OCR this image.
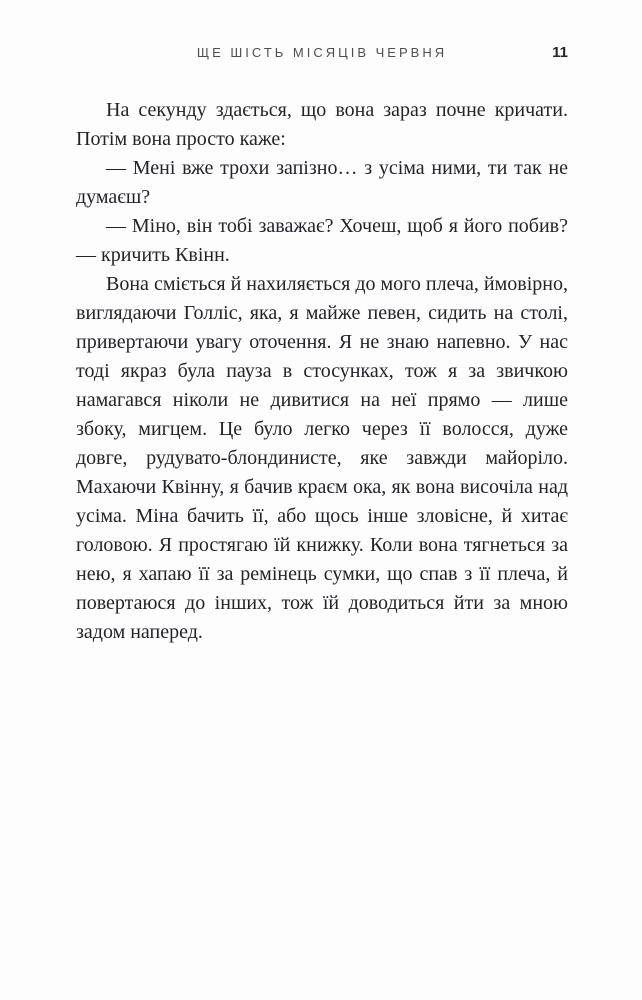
ЩЕ ШІСТЬ МІСЯЦІВ ЧЕРВНЯ	11

На секунду здається, що вона зараз почне кричати. Потім вона просто каже:

— Мені вже трохи запізно… з усіма ними, ти так не думаєш?

— Міно, він тобі заважає? Хочеш, щоб я його побив? — кричить Квінн.

Вона сміється й нахиляється до мого плеча, ймовірно, виглядаючи Голліс, яка, я майже певен, сидить на столі, привертаючи увагу оточення. Я не знаю напевно. У нас тоді якраз була пауза в стосунках, тож я за звичкою намагався ніколи не дивитися на неї прямо — лише збоку, мигцем. Це було легко через її волосся, дуже довге, рудувато-блондинисте, яке завжди майоріло. Махаючи Квінну, я бачив краєм ока, як вона височіла над усіма. Міна бачить її, або щось інше зловісне, й хитає головою. Я простягаю їй книжку. Коли вона тягнеться за нею, я хапаю її за ремінець сумки, що спав з її плеча, й повертаюся до інших, тож їй доводиться йти за мною задом наперед.
